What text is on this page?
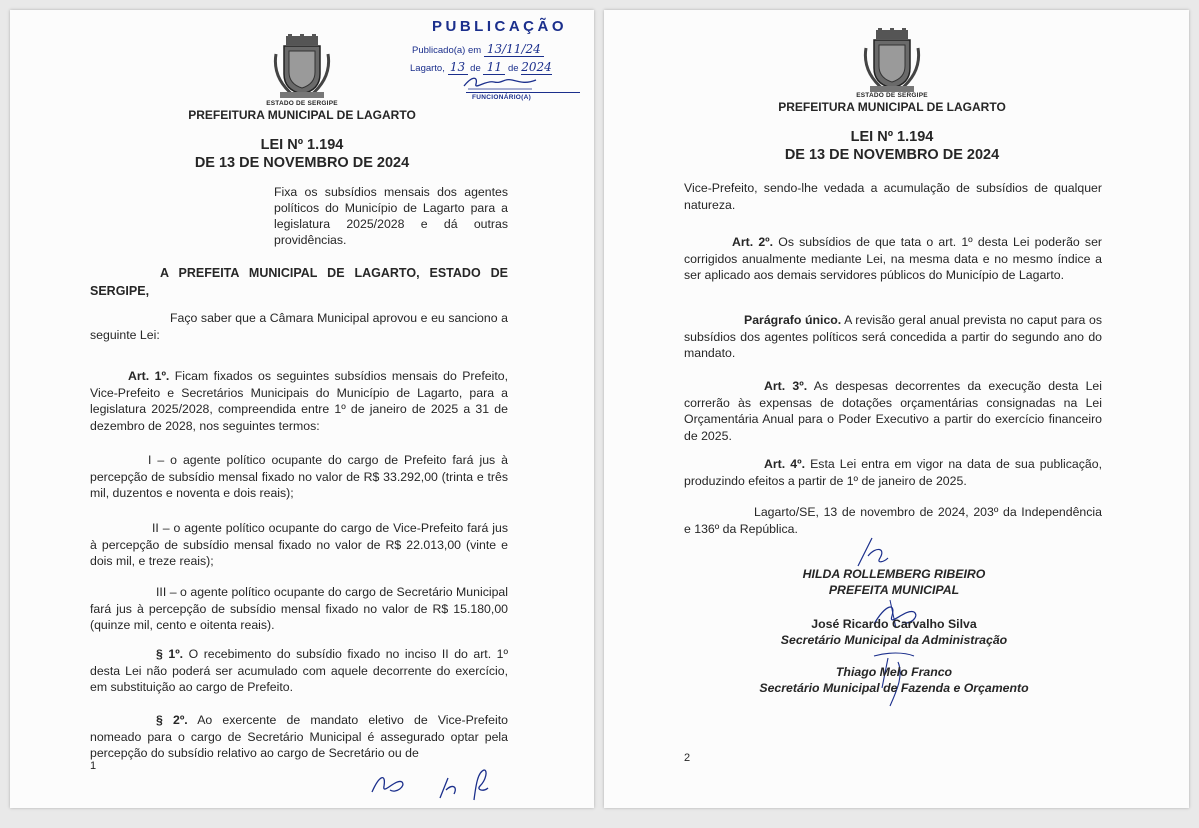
ESTADO DE SERGIPE
PREFEITURA MUNICIPAL DE LAGARTO
PUBLICAÇÃO
Publicado(a) em 13/11/24
Lagarto, 13 de 11 de 2024
FUNCIONÁRIO(A)
LEI Nº 1.194
DE 13 DE NOVEMBRO DE 2024
Fixa os subsídios mensais dos agentes políticos do Município de Lagarto para a legislatura 2025/2028 e dá outras providências.
A PREFEITA MUNICIPAL DE LAGARTO, ESTADO DE
SERGIPE,
Faço saber que a Câmara Municipal aprovou e eu sanciono a seguinte Lei:
Art. 1º. Ficam fixados os seguintes subsídios mensais do Prefeito, Vice-Prefeito e Secretários Municipais do Município de Lagarto, para a legislatura 2025/2028, compreendida entre 1º de janeiro de 2025 a 31 de dezembro de 2028, nos seguintes termos:
I – o agente político ocupante do cargo de Prefeito fará jus à percepção de subsídio mensal fixado no valor de R$ 33.292,00 (trinta e três mil, duzentos e noventa e dois reais);
II – o agente político ocupante do cargo de Vice-Prefeito fará jus à percepção de subsídio mensal fixado no valor de R$ 22.013,00 (vinte e dois mil, e treze reais);
III – o agente político ocupante do cargo de Secretário Municipal fará jus à percepção de subsídio mensal fixado no valor de R$ 15.180,00 (quinze mil, cento e oitenta reais).
§ 1º. O recebimento do subsídio fixado no inciso II do art. 1º desta Lei não poderá ser acumulado com aquele decorrente do exercício, em substituição ao cargo de Prefeito.
§ 2º. Ao exercente de mandato eletivo de Vice-Prefeito nomeado para o cargo de Secretário Municipal é assegurado optar pela percepção do subsídio relativo ao cargo de Secretário ou de
1
ESTADO DE SERGIPE
PREFEITURA MUNICIPAL DE LAGARTO
LEI Nº 1.194
DE 13 DE NOVEMBRO DE 2024
Vice-Prefeito, sendo-lhe vedada a acumulação de subsídios de qualquer natureza.
Art. 2º. Os subsídios de que tata o art. 1º desta Lei poderão ser corrigidos anualmente mediante Lei, na mesma data e no mesmo índice a ser aplicado aos demais servidores públicos do Município de Lagarto.
Parágrafo único. A revisão geral anual prevista no caput para os subsídios dos agentes políticos será concedida a partir do segundo ano do mandato.
Art. 3º. As despesas decorrentes da execução desta Lei correrão às expensas de dotações orçamentárias consignadas na Lei Orçamentária Anual para o Poder Executivo a partir do exercício financeiro de 2025.
Art. 4º. Esta Lei entra em vigor na data de sua publicação, produzindo efeitos a partir de 1º de janeiro de 2025.
Lagarto/SE, 13 de novembro de 2024, 203º da Independência e 136º da República.
HILDA ROLLEMBERG RIBEIRO
PREFEITA MUNICIPAL
José Ricardo Carvalho Silva
Secretário Municipal da Administração
Thiago Melo Franco
Secretário Municipal de Fazenda e Orçamento
2
